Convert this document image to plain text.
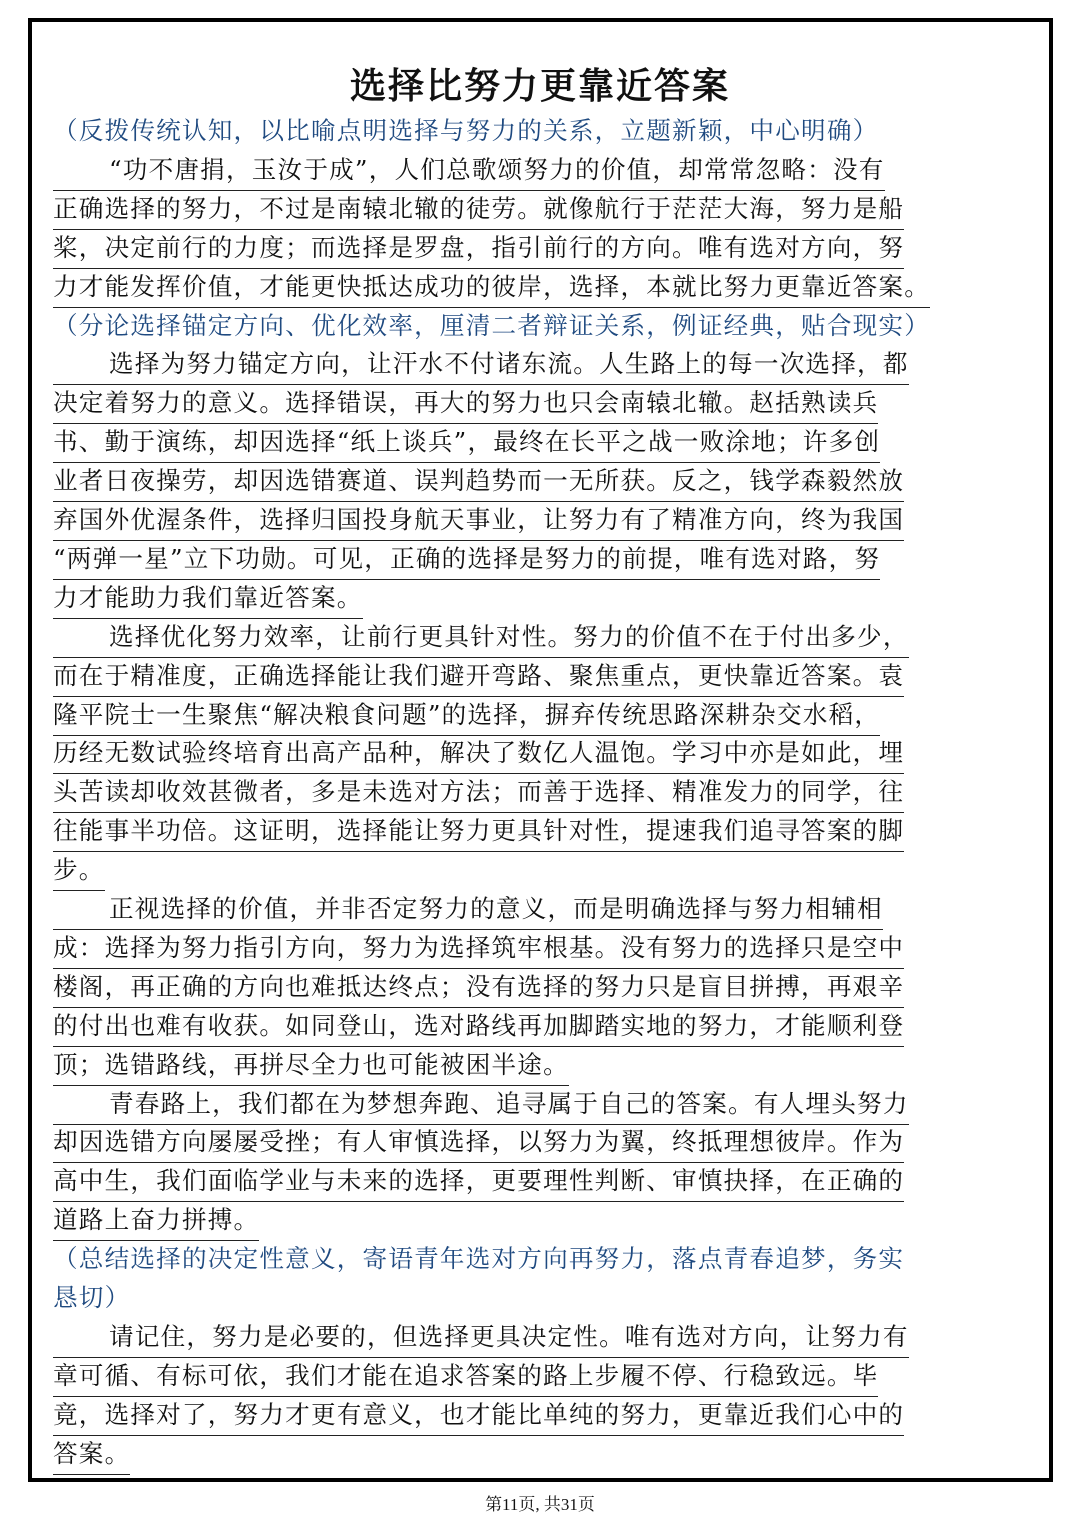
选择比努力更靠近答案
（反拨传统认知，以比喻点明选择与努力的关系，立题新颖，中心明确）
“功不唐捐，玉汝于成”，人们总歌颂努力的价值，却常常忽略：没有
正确选择的努力，不过是南辕北辙的徒劳。就像航行于茫茫大海，努力是船
桨，决定前行的力度；而选择是罗盘，指引前行的方向。唯有选对方向，努
力才能发挥价值，才能更快抵达成功的彼岸，选择，本就比努力更靠近答案。
（分论选择锚定方向、优化效率，厘清二者辩证关系，例证经典，贴合现实）
选择为努力锚定方向，让汗水不付诸东流。人生路上的每一次选择，都
决定着努力的意义。选择错误，再大的努力也只会南辕北辙。赵括熟读兵
书、勤于演练，却因选择“纸上谈兵”，最终在长平之战一败涂地；许多创
业者日夜操劳，却因选错赛道、误判趋势而一无所获。反之，钱学森毅然放
弃国外优渥条件，选择归国投身航天事业，让努力有了精准方向，终为我国
“两弹一星”立下功勋。可见，正确的选择是努力的前提，唯有选对路，努
力才能助力我们靠近答案。
选择优化努力效率，让前行更具针对性。努力的价值不在于付出多少，
而在于精准度，正确选择能让我们避开弯路、聚焦重点，更快靠近答案。袁
隆平院士一生聚焦“解决粮食问题”的选择，摒弃传统思路深耕杂交水稻，
历经无数试验终培育出高产品种，解决了数亿人温饱。学习中亦是如此，埋
头苦读却收效甚微者，多是未选对方法；而善于选择、精准发力的同学，往
往能事半功倍。这证明，选择能让努力更具针对性，提速我们追寻答案的脚
步。
正视选择的价值，并非否定努力的意义，而是明确选择与努力相辅相
成：选择为努力指引方向，努力为选择筑牢根基。没有努力的选择只是空中
楼阁，再正确的方向也难抵达终点；没有选择的努力只是盲目拼搏，再艰辛
的付出也难有收获。如同登山，选对路线再加脚踏实地的努力，才能顺利登
顶；选错路线，再拼尽全力也可能被困半途。
青春路上，我们都在为梦想奔跑、追寻属于自己的答案。有人埋头努力
却因选错方向屡屡受挫；有人审慎选择，以努力为翼，终抵理想彼岸。作为
高中生，我们面临学业与未来的选择，更要理性判断、审慎抉择，在正确的
道路上奋力拼搏。
（总结选择的决定性意义，寄语青年选对方向再努力，落点青春追梦，务实
恳切）
请记住，努力是必要的，但选择更具决定性。唯有选对方向，让努力有
章可循、有标可依，我们才能在追求答案的路上步履不停、行稳致远。毕
竟，选择对了，努力才更有意义，也才能比单纯的努力，更靠近我们心中的
答案。
第11页, 共31页
